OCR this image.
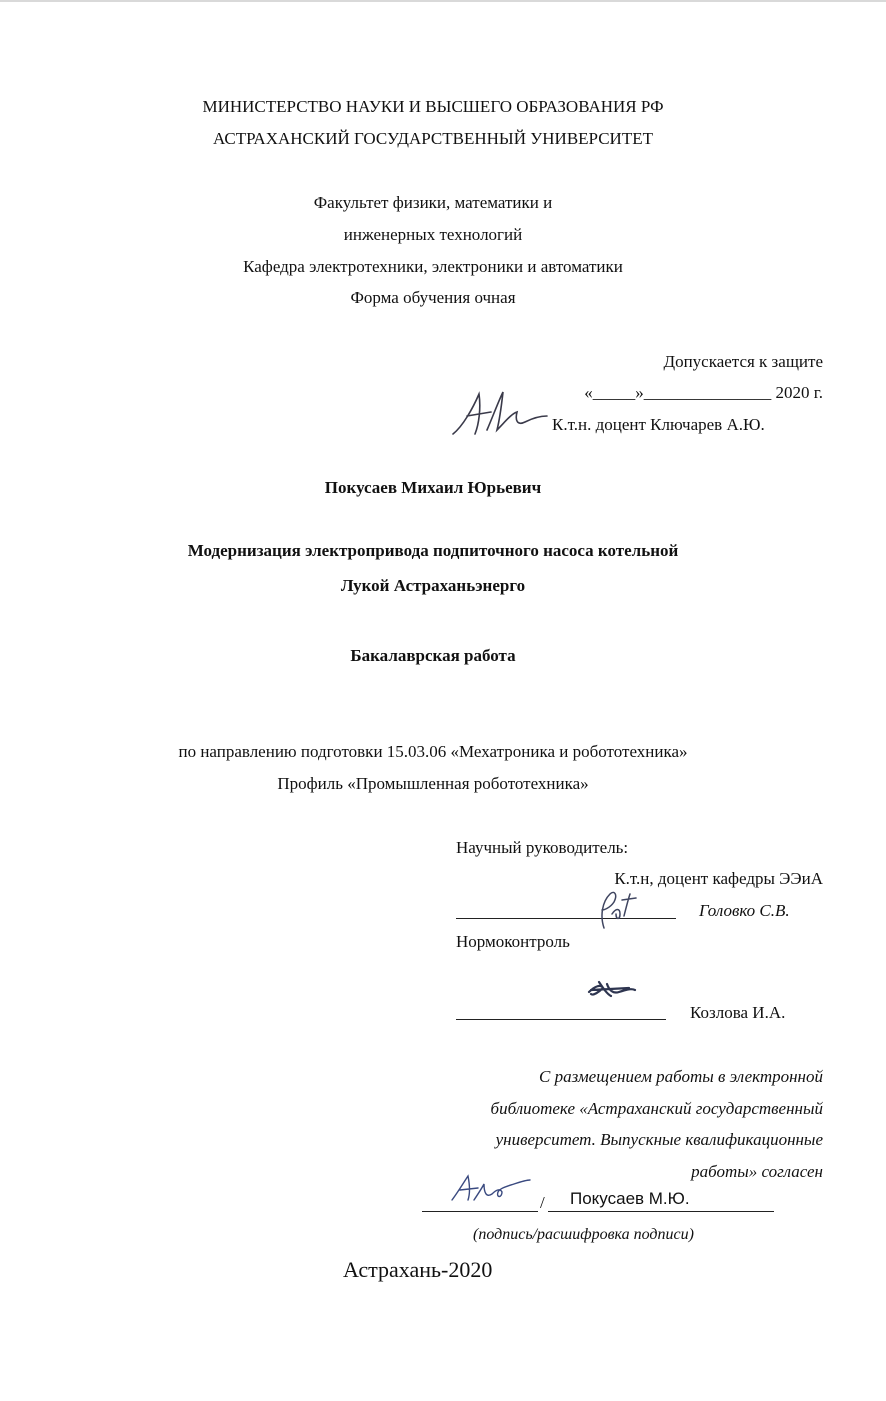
МИНИСТЕРСТВО НАУКИ И ВЫСШЕГО ОБРАЗОВАНИЯ РФ
АСТРАХАНСКИЙ ГОСУДАРСТВЕННЫЙ УНИВЕРСИТЕТ
Факультет физики, математики и
инженерных технологий
Кафедра электротехники, электроники и автоматики
Форма обучения очная
Допускается к защите
«_____»_______________ 2020 г.
К.т.н. доцент Ключарев А.Ю.
Покусаев Михаил Юрьевич
Модернизация электропривода подпиточного насоса котельной
Лукой Астраханьэнерго
Бакалаврская работа
по направлению подготовки 15.03.06 «Мехатроника и робототехника»
Профиль «Промышленная робототехника»
Научный руководитель:
К.т.н, доцент кафедры ЭЭиА
Головко С.В.
Нормоконтроль
Козлова И.А.
С размещением работы в электронной
библиотеке «Астраханский государственный
университет. Выпускные квалификационные
работы» согласен
/ Покусаев М.Ю.
(подпись/расшифровка подписи)
Астрахань-2020
